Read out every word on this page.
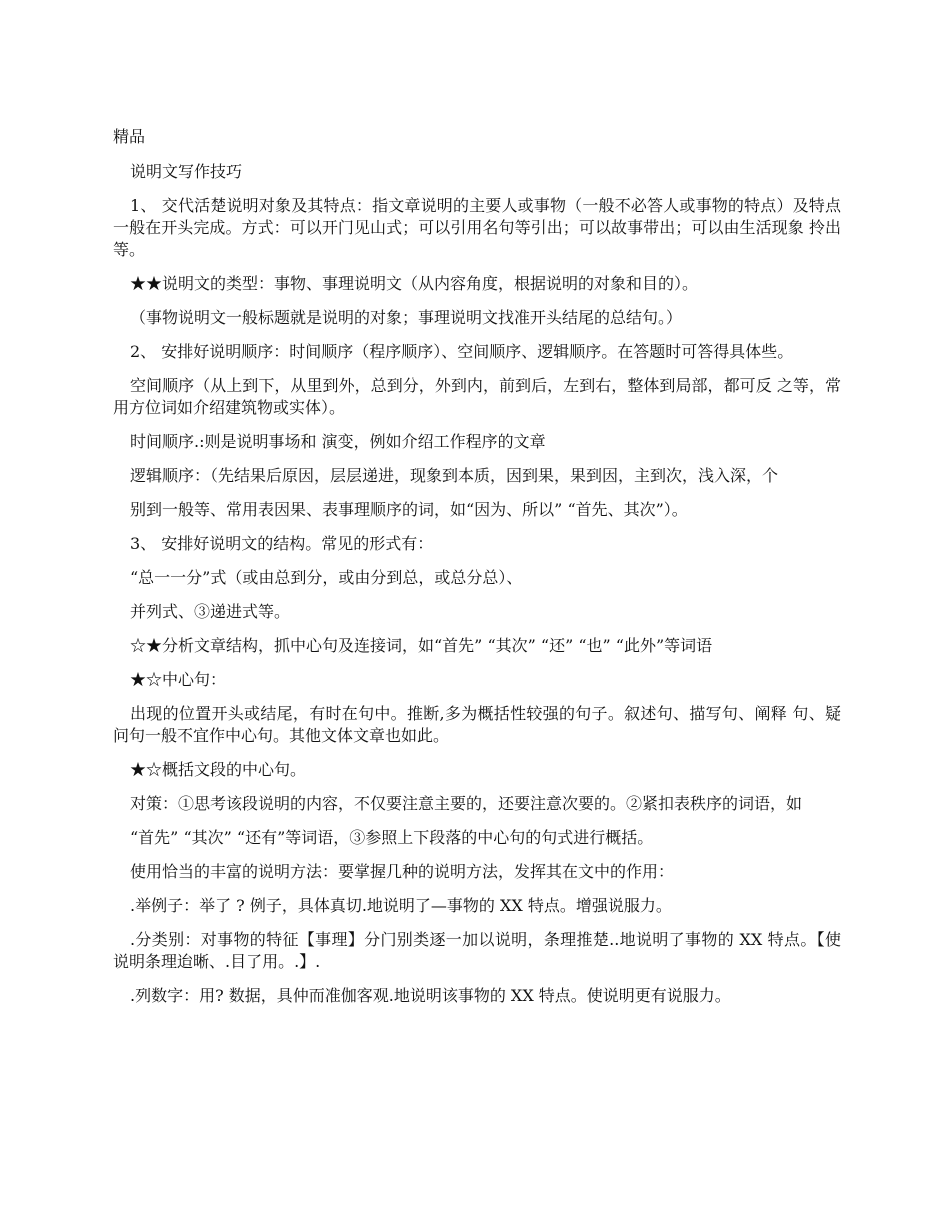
精品

说明文写作技巧

1、 交代活楚说明对象及其特点：指文章说明的主要人或事物（一般不必答人或事物的特点）及特点 一般在开头完成。方式：可以开门见山式；可以引用名句等引出；可以故事带出；可以由生活现象 拎出等。

★★说明文的类型：事物、事理说明文（从内容角度，根据说明的对象和目的）。

（事物说明文一般标题就是说明的对象；事理说明文找准开头结尾的总结句。）

2、 安排好说明顺序：时间顺序（程序顺序）、空间顺序、逻辑顺序。在答题时可答得具体些。

空间顺序（从上到下，从里到外，总到分，外到内，前到后，左到右，整体到局部，都可反 之等，常用方位词如介绍建筑物或实体）。

时间顺序.:则是说明事场和 演变，例如介绍工作程序的文章

逻辑顺序：（先结果后原因，层层递进，现象到本质，因到果，果到因，主到次，浅入深，个

别到一般等、常用表因果、表事理顺序的词，如“因为、所以” “首先、其次”）。

3、 安排好说明文的结构。常见的形式有：

“总一一分”式（或由总到分，或由分到总，或总分总）、

并列式、③递进式等。

☆★分析文章结构，抓中心句及连接词，如“首先” “其次” “还” “也” “此外”等词语

★☆中心句：

出现的位置开头或结尾，有时在句中。推断,多为概括性较强的句子。叙述句、描写句、阐释 句、疑问句一般不宜作中心句。其他文体文章也如此。

★☆概括文段的中心句。

对策：①思考该段说明的内容，不仅要注意主要的，还要注意次要的。②紧扣表秩序的词语，如

“首先” “其次” “还有”等词语，③参照上下段落的中心句的句式进行概括。

使用恰当的丰富的说明方法：要掌握几种的说明方法，发挥其在文中的作用：

.举例子：举了 ? 例子，具体真切.地说明了—事物的 XX 特点。增强说服力。

.分类别：对事物的特征【事理】分门别类逐一加以说明，条理推楚..地说明了事物的 XX 特点。【使说明条理迨晰、.目了用。.】.

.列数字：用? 数据，具仲而准伽客观.地说明该事物的 XX 特点。使说明更有说服力。
